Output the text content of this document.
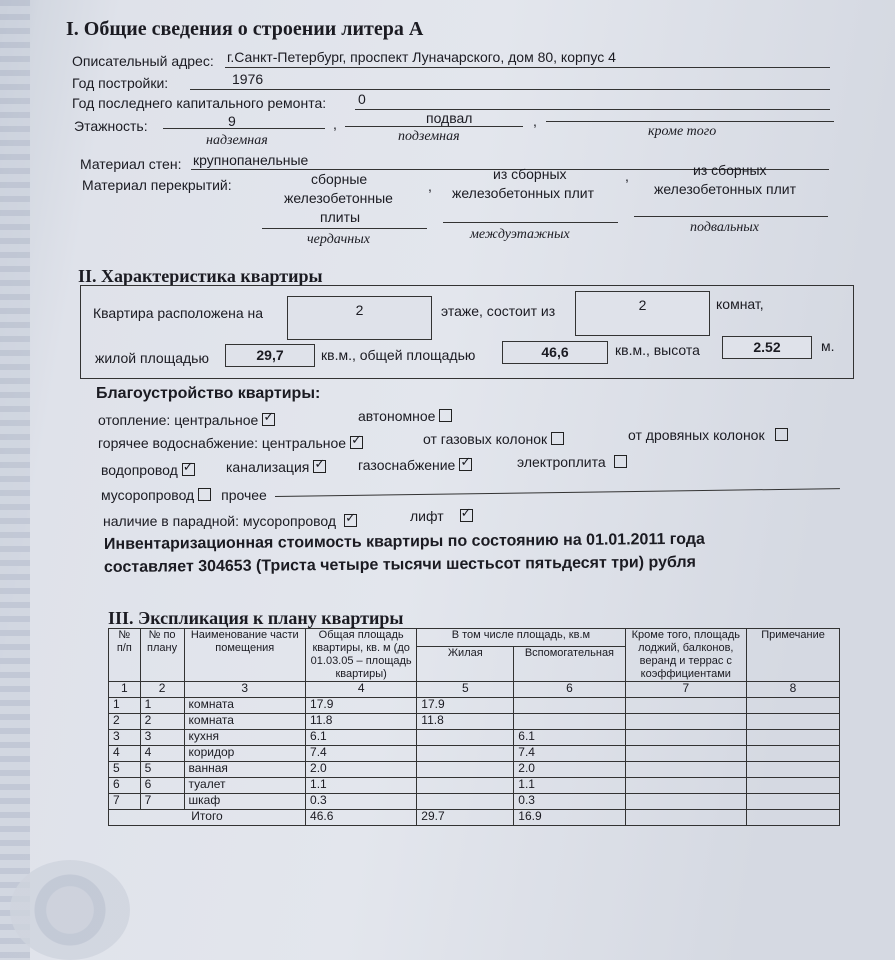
I. Общие сведения о строении литера А
Описательный адрес: г.Санкт-Петербург, проспект Луначарского, дом 80, корпус 4
Год постройки:	1976
Год последнего капитального ремонта: 0
Этажность:	9	,	подвал	,
надземная	подземная	кроме того
Материал стен: крупнопанельные
Материал перекрытий:	сборные
железобетонные
плиты
,
из сборных
железобетонных плит
,	из сборных
железобетонных плит
чердачных	междуэтажных	подвальных
II. Характеристика квартиры
Квартира расположена на	2	этаже, состоит из	2	комнат,
жилой площадью	29,7	кв.м., общей площадью	46,6	кв.м., высота	2.52	м.
Благоустройство квартиры:
отопление: центральное ✓	автономное
горячее водоснабжение: центральное ✓	от газовых колонок	от дровяных колонок
водопровод ✓	канализация ✓	газоснабжение ✓	электроплита
мусоропровод прочее
наличие в парадной: мусоропровод ✓	лифт✓
Инвентаризационная стоимость квартиры по состоянию на 01.01.2011 года
составляет 304653 (Триста четыре тысячи шестьсот пятьдесят три) рубля
III. Экспликация к плану квартиры
№ п/п	№ по плану	Наименование части помещения	Общая площадь квартиры, кв. м (до 01.03.05 – площадь квартиры)	В том числе площадь, кв.м		Кроме того, площадь лоджий, балконов, веранд и террас с коэффициентами	Примечание
				Жилая	Вспомогательная		
1	2	3	4	5	6	7	8
1	1	комната	17.9	17.9			
2	2	комната	11.8	11.8			
3	3	кухня	6.1		6.1		
4	4	коридор	7.4		7.4		
5	5	ванная	2.0		2.0		
6	6	туалет	1.1		1.1		
7	7	шкаф	0.3		0.3		
Итого			46.6	29.7	16.9		
